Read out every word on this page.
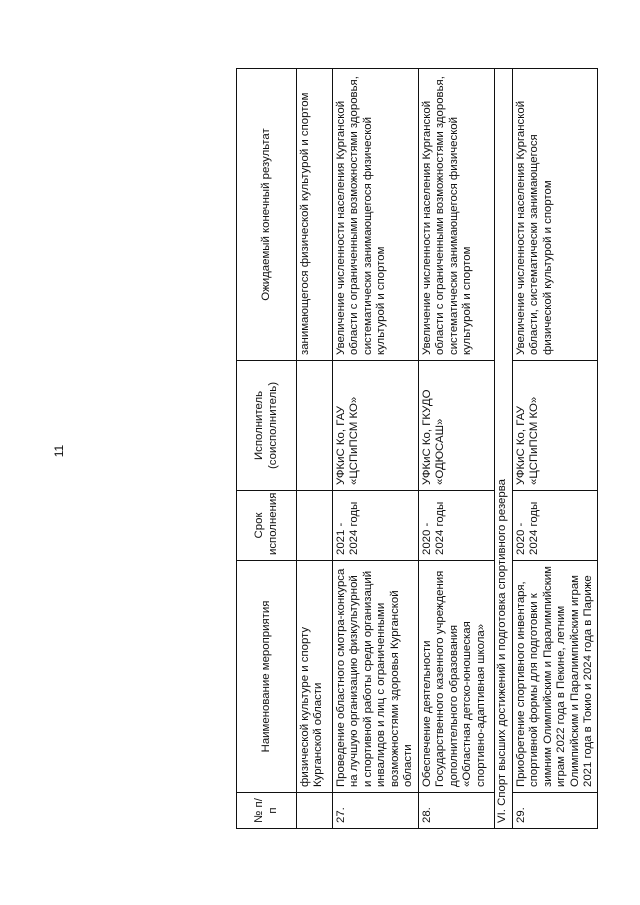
11
№ п/п	Наименование мероприятия	Срок исполнения	Исполнитель (соисполнитель)	Ожидаемый конечный результат
	физической культуре и спорту Курганской области			занимающегося физической культурой и спортом
27.	Проведение областного смотра-конкурса на лучшую организацию физкультурной и спортивной работы среди организаций инвалидов и лиц с ограниченными возможностями здоровья Курганской области	2021 - 2024 годы	УФКиС Ко, ГАУ «ЦСПиПСМ КО»	Увеличение численности населения Курганской области с ограниченными возможностями здоровья, систематически занимающегося физической культурой и спортом
28.	Обеспечение деятельности Государственного казенного учреждения дополнительного образования «Областная детско-юношеская спортивно-адаптивная школа»	2020 - 2024 годы	УФКиС Ко, ГКУДО «ОДЮСАШ»	Увеличение численности населения Курганской области с ограниченными возможностями здоровья, систематически занимающегося физической культурой и спортом
VI. Спорт высших достижений и подготовка спортивного резерва				
29.	Приобретение спортивного инвентаря, спортивной формы для подготовки к зимним Олимпийским и Паралимпийским играм 2022 года в Пекине, летним Олимпийским и Паралимпийским играм 2021 года в Токио и 2024 года в Париже	2020 - 2024 годы	УФКиС Ко, ГАУ «ЦСПиПСМ КО»	Увеличение численности населения Курганской области, систематически занимающегося физической культурой и спортом
